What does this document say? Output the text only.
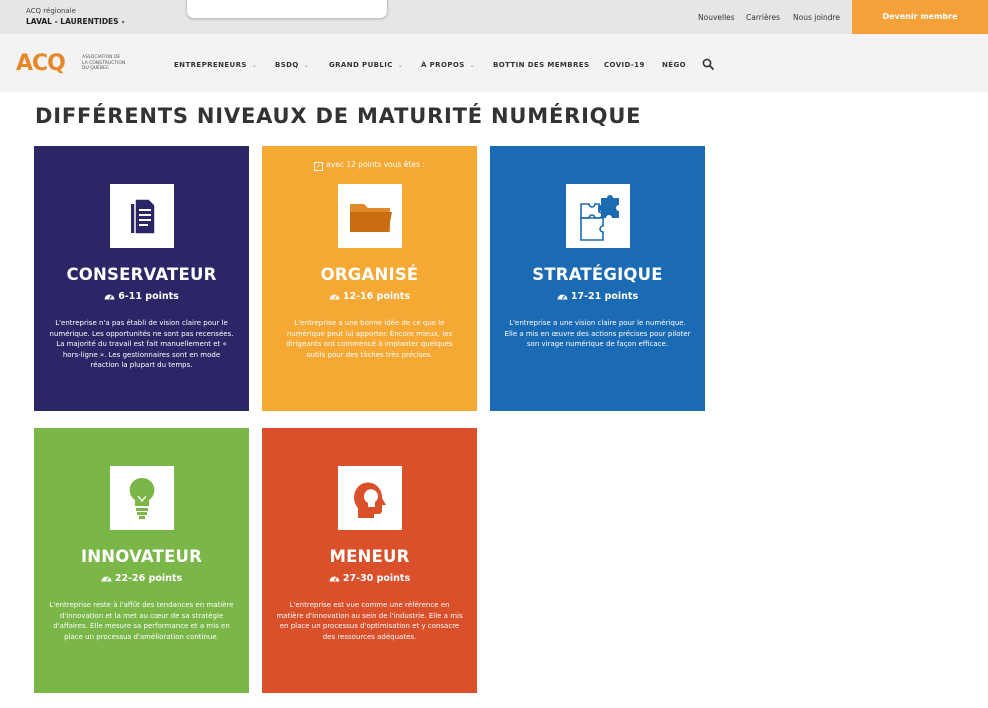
ACQ régionale
LAVAL - LAURENTIDES ▾
Nouvelles Carrières Nous joindre	Devenir membre
ACQ	ASSOCIATION DE
LA CONSTRUCTION
DU QUÉBEC	ENTREPRENEURS ⌄	BSDQ ⌄	GRAND PUBLIC ⌄	À PROPOS ⌄	BOTTIN DES MEMBRES COVID-19 NÉGO
DIFFÉRENTS NIVEAUX DE MATURITÉ NUMÉRIQUE
CONSERVATEUR
6-11 points
L'entreprise n'a pas établi de vision claire pour le numérique. Les opportunités ne sont pas recensées. La majorité du travail est fait manuellement et « hors-ligne ». Les gestionnaires sont en mode réaction la plupart du temps.
✓ avec 12 points vous êtes :
ORGANISÉ
12-16 points
L'entreprise a une bonne idée de ce que le numérique peut lui apporter. Encore mieux, les dirigeants ont commencé à implanter quelques outils pour des tâches très précises.
STRATÉGIQUE
17-21 points
L'entreprise a une vision claire pour le numérique. Elle a mis en œuvre des actions précises pour piloter son virage numérique de façon efficace.
INNOVATEUR
22-26 points
L'entreprise reste à l'affût des tendances en matière d'innovation et la met au cœur de sa stratégie d'affaires. Elle mesure sa performance et a mis en place un processus d'amélioration continue.
MENEUR
27-30 points
L'entreprise est vue comme une référence en matière d'innovation au sein de l'industrie. Elle a mis en place un processus d'optimisation et y consacre des ressources adéquates.
